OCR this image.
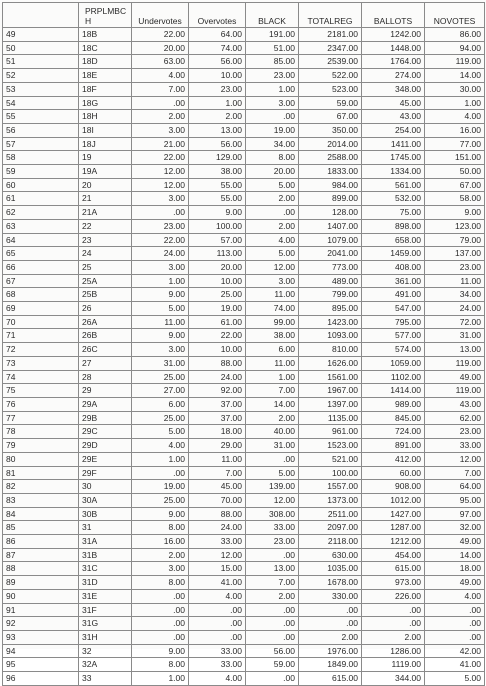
	PRPLMBCH	Undervotes	Overvotes	BLACK	TOTALREG	BALLOTS	NOVOTES
49	18B	22.00	64.00	191.00	2181.00	1242.00	86.00
50	18C	20.00	74.00	51.00	2347.00	1448.00	94.00
51	18D	63.00	56.00	85.00	2539.00	1764.00	119.00
52	18E	4.00	10.00	23.00	522.00	274.00	14.00
53	18F	7.00	23.00	1.00	523.00	348.00	30.00
54	18G	.00	1.00	3.00	59.00	45.00	1.00
55	18H	2.00	2.00	.00	67.00	43.00	4.00
56	18I	3.00	13.00	19.00	350.00	254.00	16.00
57	18J	21.00	56.00	34.00	2014.00	1411.00	77.00
58	19	22.00	129.00	8.00	2588.00	1745.00	151.00
59	19A	12.00	38.00	20.00	1833.00	1334.00	50.00
60	20	12.00	55.00	5.00	984.00	561.00	67.00
61	21	3.00	55.00	2.00	899.00	532.00	58.00
62	21A	.00	9.00	.00	128.00	75.00	9.00
63	22	23.00	100.00	2.00	1407.00	898.00	123.00
64	23	22.00	57.00	4.00	1079.00	658.00	79.00
65	24	24.00	113.00	5.00	2041.00	1459.00	137.00
66	25	3.00	20.00	12.00	773.00	408.00	23.00
67	25A	1.00	10.00	3.00	489.00	361.00	11.00
68	25B	9.00	25.00	11.00	799.00	491.00	34.00
69	26	5.00	19.00	74.00	895.00	547.00	24.00
70	26A	11.00	61.00	99.00	1423.00	795.00	72.00
71	26B	9.00	22.00	38.00	1093.00	577.00	31.00
72	26C	3.00	10.00	6.00	810.00	574.00	13.00
73	27	31.00	88.00	11.00	1626.00	1059.00	119.00
74	28	25.00	24.00	1.00	1561.00	1102.00	49.00
75	29	27.00	92.00	7.00	1967.00	1414.00	119.00
76	29A	6.00	37.00	14.00	1397.00	989.00	43.00
77	29B	25.00	37.00	2.00	1135.00	845.00	62.00
78	29C	5.00	18.00	40.00	961.00	724.00	23.00
79	29D	4.00	29.00	31.00	1523.00	891.00	33.00
80	29E	1.00	11.00	.00	521.00	412.00	12.00
81	29F	.00	7.00	5.00	100.00	60.00	7.00
82	30	19.00	45.00	139.00	1557.00	908.00	64.00
83	30A	25.00	70.00	12.00	1373.00	1012.00	95.00
84	30B	9.00	88.00	308.00	2511.00	1427.00	97.00
85	31	8.00	24.00	33.00	2097.00	1287.00	32.00
86	31A	16.00	33.00	23.00	2118.00	1212.00	49.00
87	31B	2.00	12.00	.00	630.00	454.00	14.00
88	31C	3.00	15.00	13.00	1035.00	615.00	18.00
89	31D	8.00	41.00	7.00	1678.00	973.00	49.00
90	31E	.00	4.00	2.00	330.00	226.00	4.00
91	31F	.00	.00	.00	.00	.00	.00
92	31G	.00	.00	.00	.00	.00	.00
93	31H	.00	.00	.00	2.00	2.00	.00
94	32	9.00	33.00	56.00	1976.00	1286.00	42.00
95	32A	8.00	33.00	59.00	1849.00	1119.00	41.00
96	33	1.00	4.00	.00	615.00	344.00	5.00
